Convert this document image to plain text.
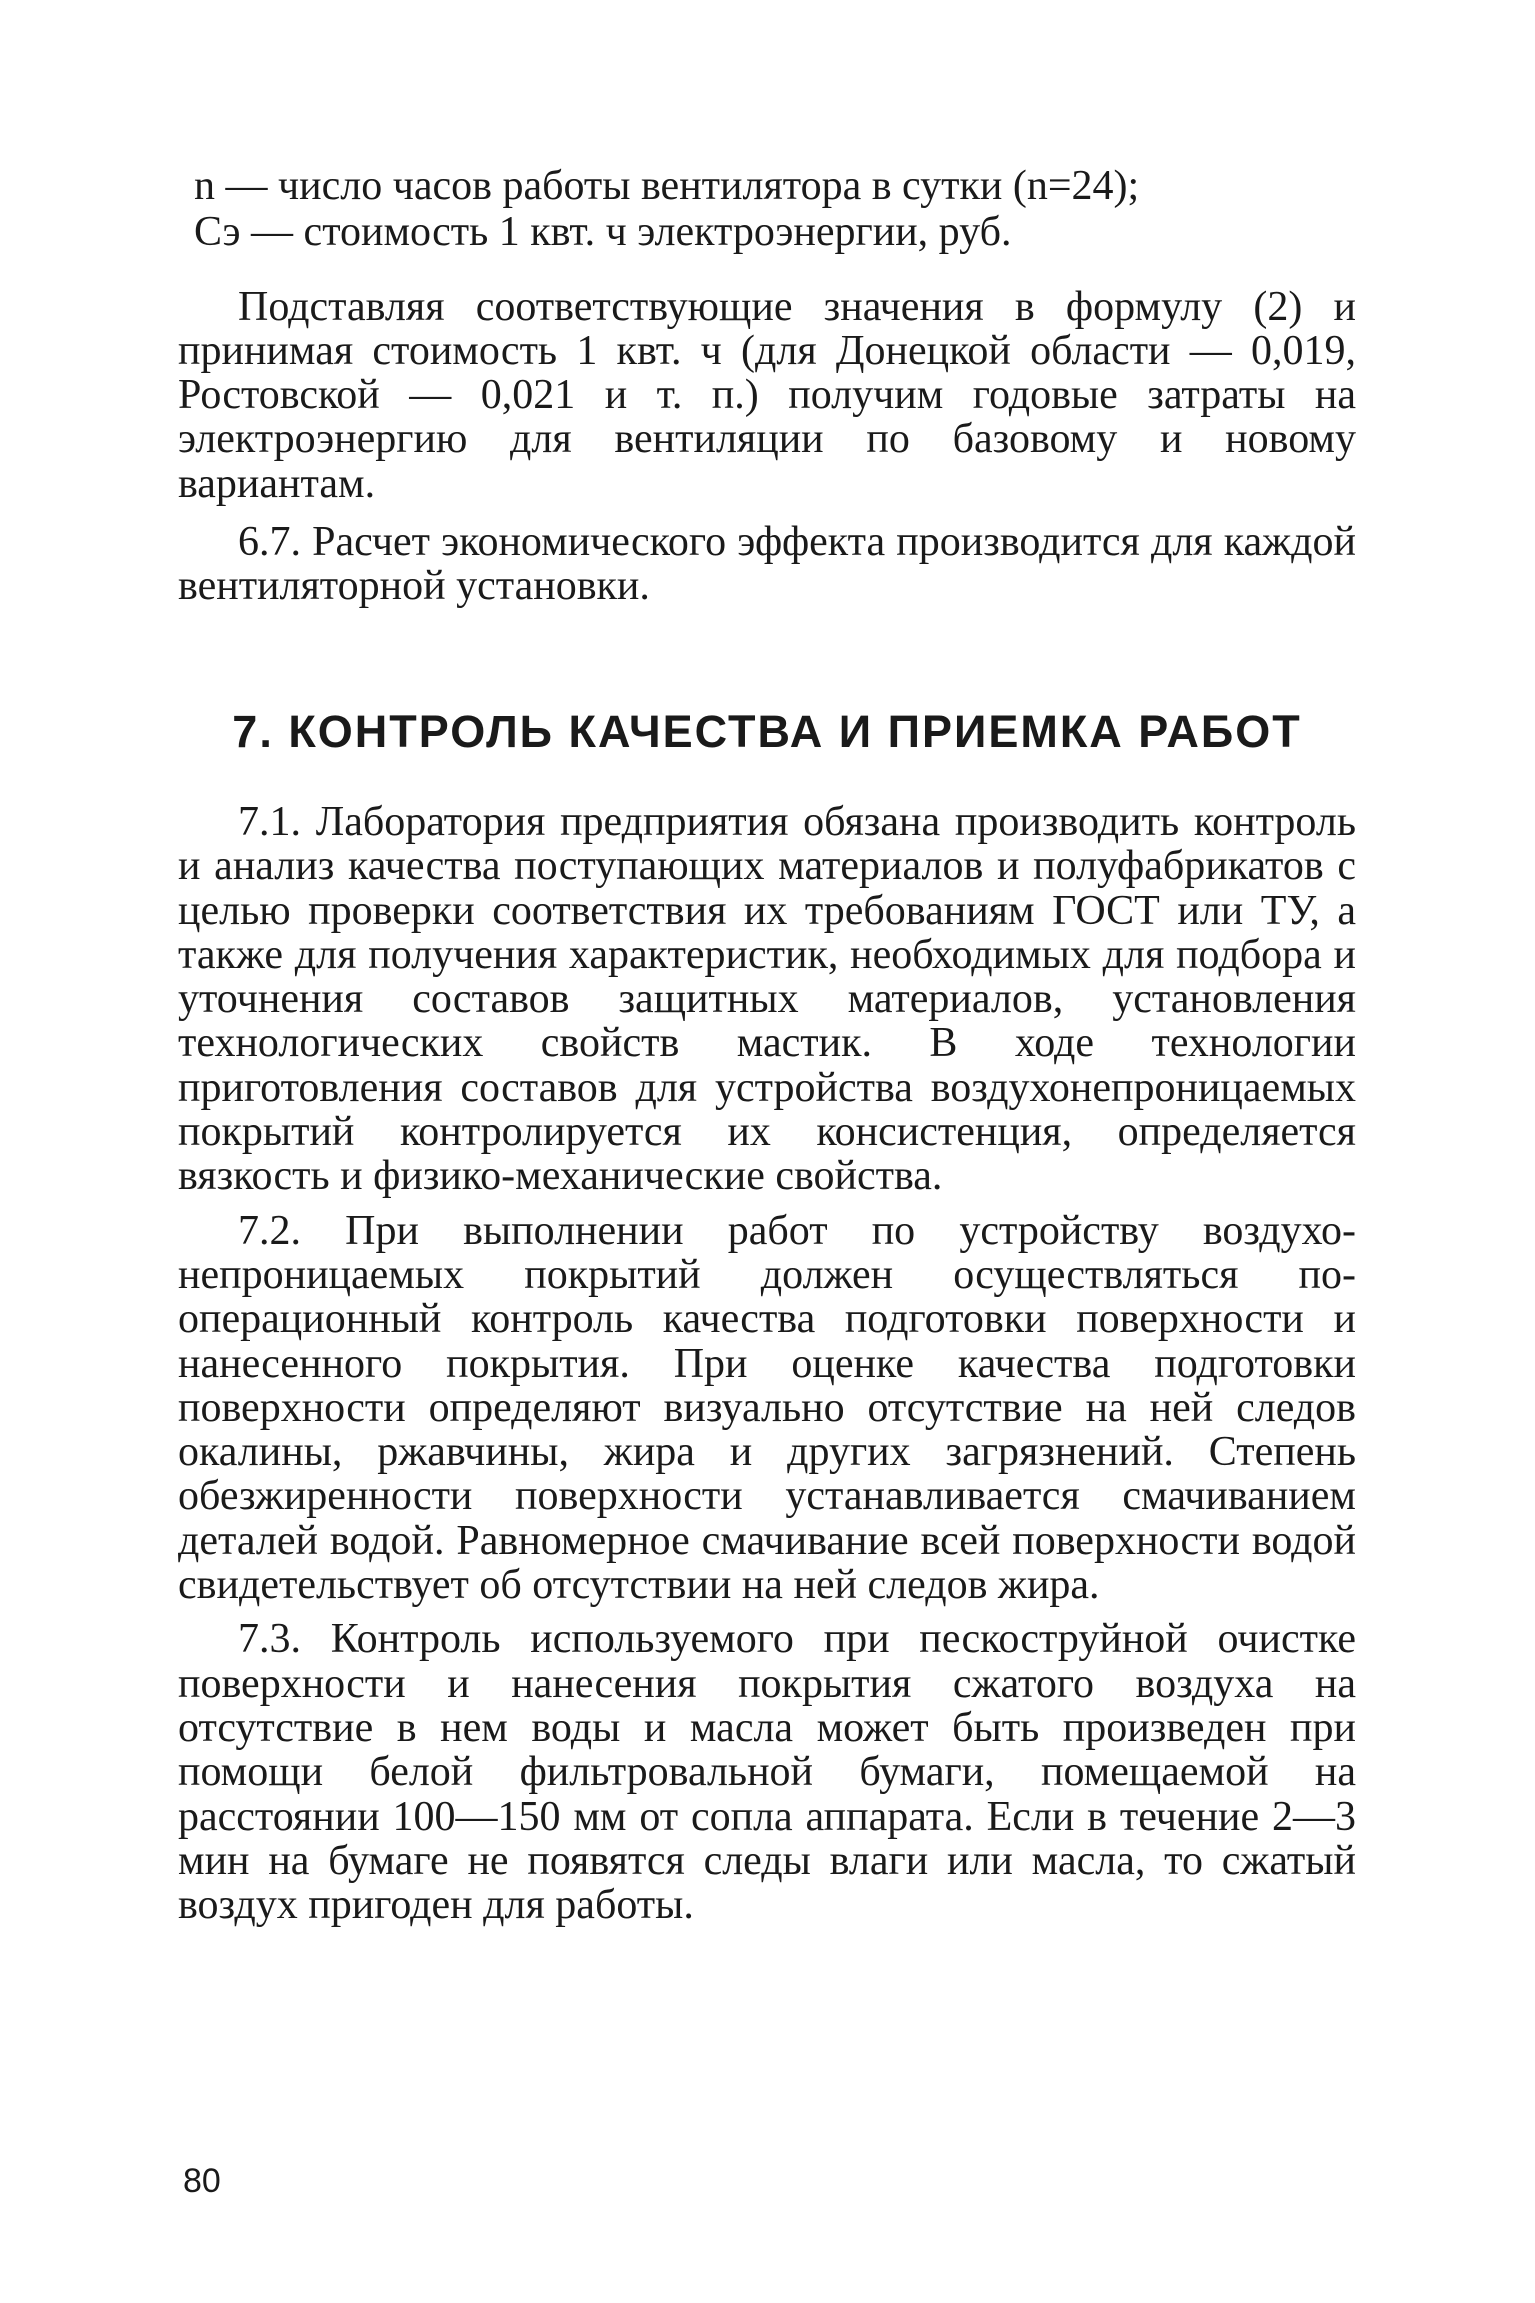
n — число часов работы вентилятора в сутки (n=24);

Сэ — стоимость 1 квт. ч электроэнергии, руб.

Подставляя соответствующие значения в формулу (2) и принимая стоимость 1 квт. ч (для Донецкой области — 0,019, Ростовской — 0,021 и т. п.) получим годовые затраты на электроэнергию для вентиляции по базовому и новому вариантам.

6.7. Расчет экономического эффекта производится для каждой вентиляторной установки.

7. КОНТРОЛЬ КАЧЕСТВА И ПРИЕМКА РАБОТ

7.1. Лаборатория предприятия обязана производить контроль и анализ качества поступающих материалов и полуфабрикатов с целью проверки соответствия их требованиям ГОСТ или ТУ, а также для получения характеристик, необходимых для подбора и уточнения составов защитных материалов, установления технологических свойств мастик. В ходе технологии приготовления составов для устройства воздухонепроницаемых покрытий контролируется их консистенция, определяется вязкость и физико-механические свойства.

7.2. При выполнении работ по устройству воздухонепроницаемых покрытий должен осуществляться пооперационный контроль качества подготовки поверхности и нанесенного покрытия. При оценке качества подготовки поверхности определяют визуально отсутствие на ней следов окалины, ржавчины, жира и других загрязнений. Степень обезжиренности поверхности устанавливается смачиванием деталей водой. Равномерное смачивание всей поверхности водой свидетельствует об отсутствии на ней следов жира.

7.3. Контроль используемого при пескоструйной очистке поверхности и нанесения покрытия сжатого воздуха на отсутствие в нем воды и масла может быть произведен при помощи белой фильтровальной бумаги, помещаемой на расстоянии 100—150 мм от сопла аппарата. Если в течение 2—3 мин на бумаге не появятся следы влаги или масла, то сжатый воздух пригоден для работы.

80
